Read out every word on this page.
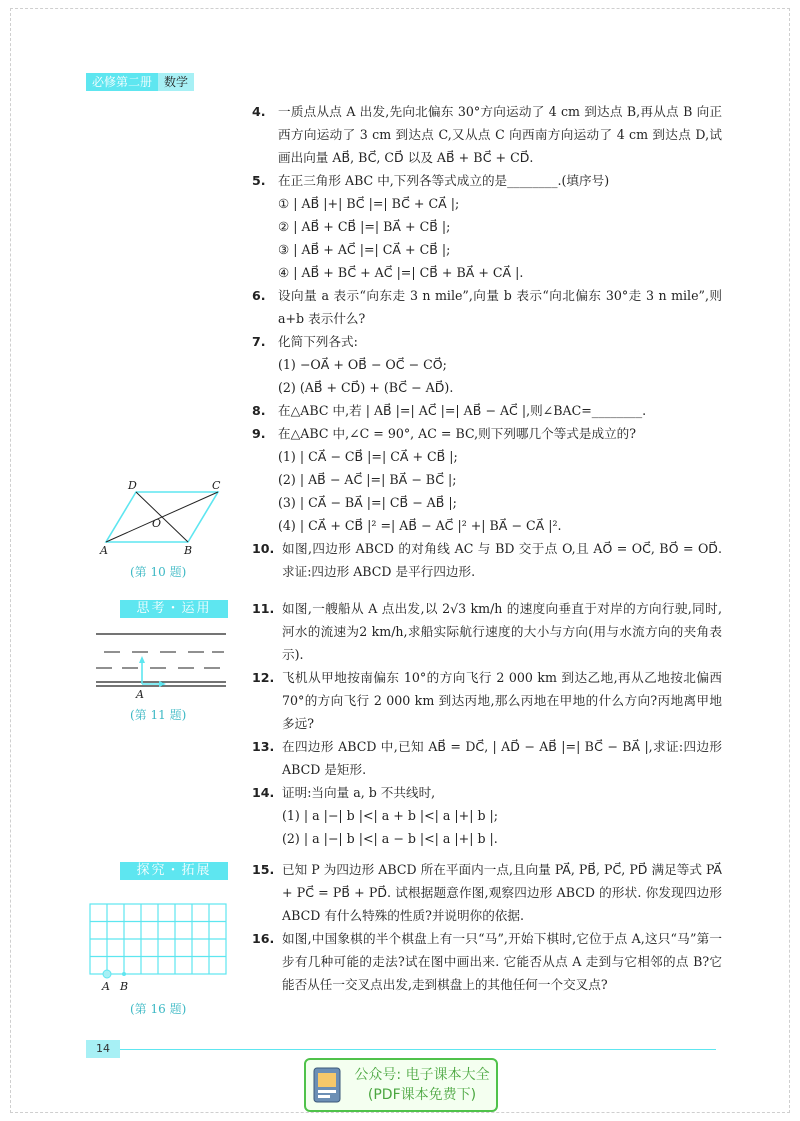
必修第二册	数学
4. 一质点从点 A 出发,先向北偏东 30°方向运动了 4 cm 到达点 B,再从点 B 向正西方向运动了 3 cm 到达点 C,又从点 C 向西南方向运动了 4 cm 到达点 D,试画出向量 AB⃗, BC⃗, CD⃗ 以及 AB⃗ + BC⃗ + CD⃗.
5. 在正三角形 ABC 中,下列各等式成立的是________.(填序号)
① | AB⃗ |+| BC⃗ |=| BC⃗ + CA⃗ |;
② | AB⃗ + CB⃗ |=| BA⃗ + CB⃗ |;
③ | AB⃗ + AC⃗ |=| CA⃗ + CB⃗ |;
④ | AB⃗ + BC⃗ + AC⃗ |=| CB⃗ + BA⃗ + CA⃗ |.
6. 设向量 a 表示“向东走 3 n mile”,向量 b 表示“向北偏东 30°走 3 n mile”,则 a+b 表示什么?
7. 化简下列各式:
(1) −OA⃗ + OB⃗ − OC⃗ − CO⃗;
(2) (AB⃗ + CD⃗) + (BC⃗ − AD⃗).
8. 在△ABC 中,若 | AB⃗ |=| AC⃗ |=| AB⃗ − AC⃗ |,则∠BAC=________.
9. 在△ABC 中,∠C = 90°, AC = BC,则下列哪几个等式是成立的?
(1) | CA⃗ − CB⃗ |=| CA⃗ + CB⃗ |;
(2) | AB⃗ − AC⃗ |=| BA⃗ − BC⃗ |;
(3) | CA⃗ − BA⃗ |=| CB⃗ − AB⃗ |;
(4) | CA⃗ + CB⃗ |² =| AB⃗ − AC⃗ |² +| BA⃗ − CA⃗ |².
10. 如图,四边形 ABCD 的对角线 AC 与 BD 交于点 O,且 AO⃗ = OC⃗, BO⃗ = OD⃗. 求证:四边形 ABCD 是平行四边形.
11. 如图,一艘船从 A 点出发,以 2√3 km/h 的速度向垂直于对岸的方向行驶,同时,河水的流速为2 km/h,求船实际航行速度的大小与方向(用与水流方向的夹角表示).
12. 飞机从甲地按南偏东 10°的方向飞行 2 000 km 到达乙地,再从乙地按北偏西 70°的方向飞行 2 000 km 到达丙地,那么丙地在甲地的什么方向?丙地离甲地多远?
13. 在四边形 ABCD 中,已知 AB⃗ = DC⃗, | AD⃗ − AB⃗ |=| BC⃗ − BA⃗ |,求证:四边形 ABCD 是矩形.
14. 证明:当向量 a, b 不共线时,
(1) | a |−| b |<| a + b |<| a |+| b |;
(2) | a |−| b |<| a − b |<| a |+| b |.
15. 已知 P 为四边形 ABCD 所在平面内一点,且向量 PA⃗, PB⃗, PC⃗, PD⃗ 满足等式 PA⃗ + PC⃗ = PB⃗ + PD⃗. 试根据题意作图,观察四边形 ABCD 的形状. 你发现四边形 ABCD 有什么特殊的性质?并说明你的依据.
16. 如图,中国象棋的半个棋盘上有一只“马”,开始下棋时,它位于点 A,这只“马”第一步有几种可能的走法?试在图中画出来. 它能否从点 A 走到与它相邻的点 B?它能否从任一交叉点出发,走到棋盘上的其他任何一个交叉点?
D	C
O
A	B
(第 10 题)
思考・运用
A
(第 11 题)
探究・拓展
A B
(第 16 题)
14
公众号: 电子课本大全
(PDF课本免费下)
